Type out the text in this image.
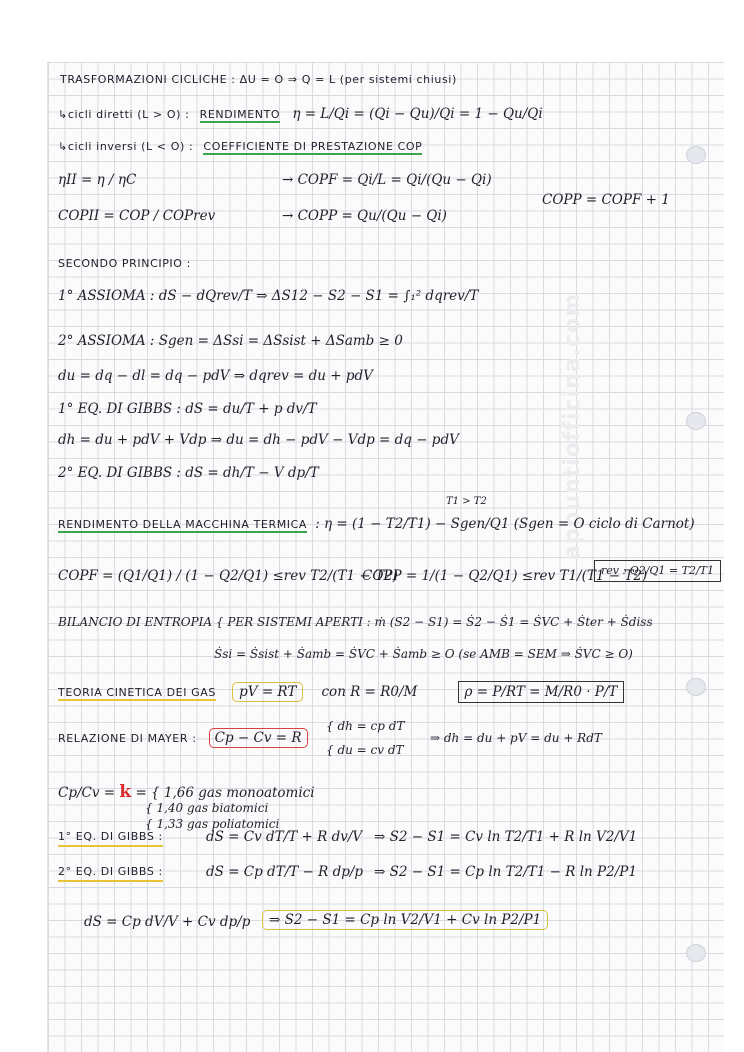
appuntiofficina.com
TRASFORMAZIONI CICLICHE : ΔU = O ⇒ Q = L (per sistemi chiusi)
↳cicli diretti (L > O) : RENDIMENTO η = L/Qi = (Qi − Qu)/Qi = 1 − Qu/Qi
↳cicli inversi (L < O) : COEFFICIENTE DI PRESTAZIONE COP
ηII = η / ηC	→ COPF = Qi/L = Qi/(Qu − Qi)
COPII = COP / COPrev	→ COPP = Qu/(Qu − Qi)
COPP = COPF + 1
SECONDO PRINCIPIO :
1° ASSIOMA : dS − dQrev/T ⇒ ΔS12 − S2 − S1 = ∫₁² dqrev/T
2° ASSIOMA : Sgen = ΔSsi = ΔSsist + ΔSamb ≥ 0
du = dq − dl = dq − pdV ⇒ dqrev = du + pdV
1° EQ. DI GIBBS : dS = du/T + p dv/T
dh = du + pdV + Vdp ⇒ du = dh − pdV − Vdp = dq − pdV
2° EQ. DI GIBBS : dS = dh/T − V dp/T
RENDIMENTO DELLA MACCHINA TERMICA : η = (1 − T2/T1) − Sgen/Q1 (Sgen = O ciclo di Carnot)
T1 > T2
COPF = (Q1/Q1) / (1 − Q2/Q1) ≤rev T2/(T1 − T2)
COPP = 1/(1 − Q2/Q1) ≤rev T1/(T1 − T2)
rev : Q2/Q1 = T2/T1
BILANCIO DI ENTROPIA { PER SISTEMI APERTI : ṁ (S2 − S1) = Ṡ2 − Ṡ1 = ṠVC + Ṡter + Ṡdiss
Ṡsi = Ṡsist + Ṡamb = ṠVC + Ṡamb ≥ O (se AMB = SEM ⇒ ṠVC ≥ O)
TEORIA CINETICA DEI GAS pV = RT con R = R0/M	ρ = P/RT = M/R0 · P/T
RELAZIONE DI MAYER : Cp − Cv = R
{ dh = cp dT
{ du = cv dT
⇒ dh = du + pV = du + RdT
Cp/Cv = k = { 1,66 gas monoatomici
{ 1,40 gas biatomici
{ 1,33 gas poliatomici
1° EQ. DI GIBBS :	dS = Cv dT/T + R dv/V ⇒ S2 − S1 = Cv ln T2/T1 + R ln V2/V1
2° EQ. DI GIBBS :	dS = Cp dT/T − R dp/p ⇒ S2 − S1 = Cp ln T2/T1 − R ln P2/P1
dS = Cp dV/V + Cv dp/p	⇒ S2 − S1 = Cp ln V2/V1 + Cv ln P2/P1
